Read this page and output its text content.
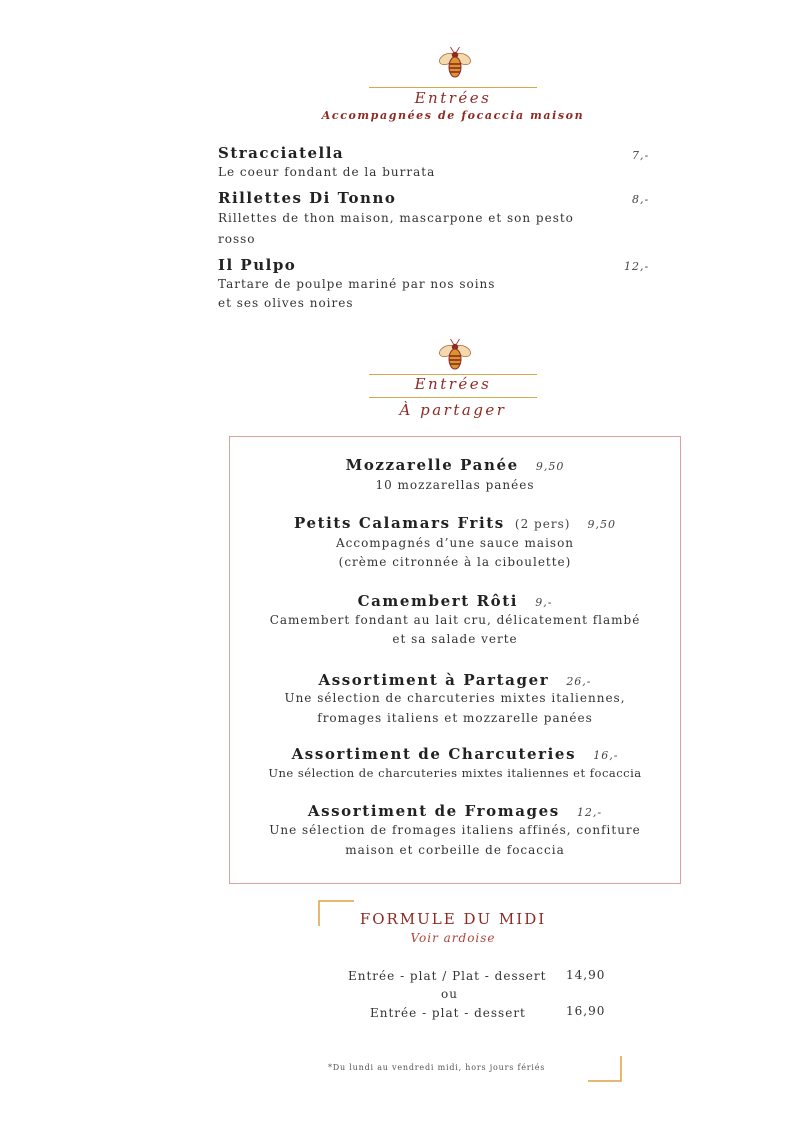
Entrées
Accompagnées de focaccia maison
Stracciatella	7,-
Le coeur fondant de la burrata
Rillettes Di Tonno	8,-
Rillettes de thon maison, mascarpone et son pesto
rosso
Il Pulpo	12,-
Tartare de poulpe mariné par nos soins
et ses olives noires
Entrées
À partager
Mozzarelle Panée 9,50
10 mozzarellas panées
Petits Calamars Frits (2 pers) 9,50
Accompagnés d’une sauce maison
(crème citronnée à la ciboulette)
Camembert Rôti 9,-
Camembert fondant au lait cru, délicatement flambé
et sa salade verte
Assortiment à Partager 26,-
Une sélection de charcuteries mixtes italiennes,
fromages italiens et mozzarelle panées
Assortiment de Charcuteries 16,-
Une sélection de charcuteries mixtes italiennes et focaccia
Assortiment de Fromages 12,-
Une sélection de fromages italiens affinés, confiture
maison et corbeille de focaccia
FORMULE DU MIDI
Voir ardoise
Entrée - plat / Plat - dessert 14,90
ou
Entrée - plat - dessert	16,90
*Du lundi au vendredi midi, hors jours fériés
